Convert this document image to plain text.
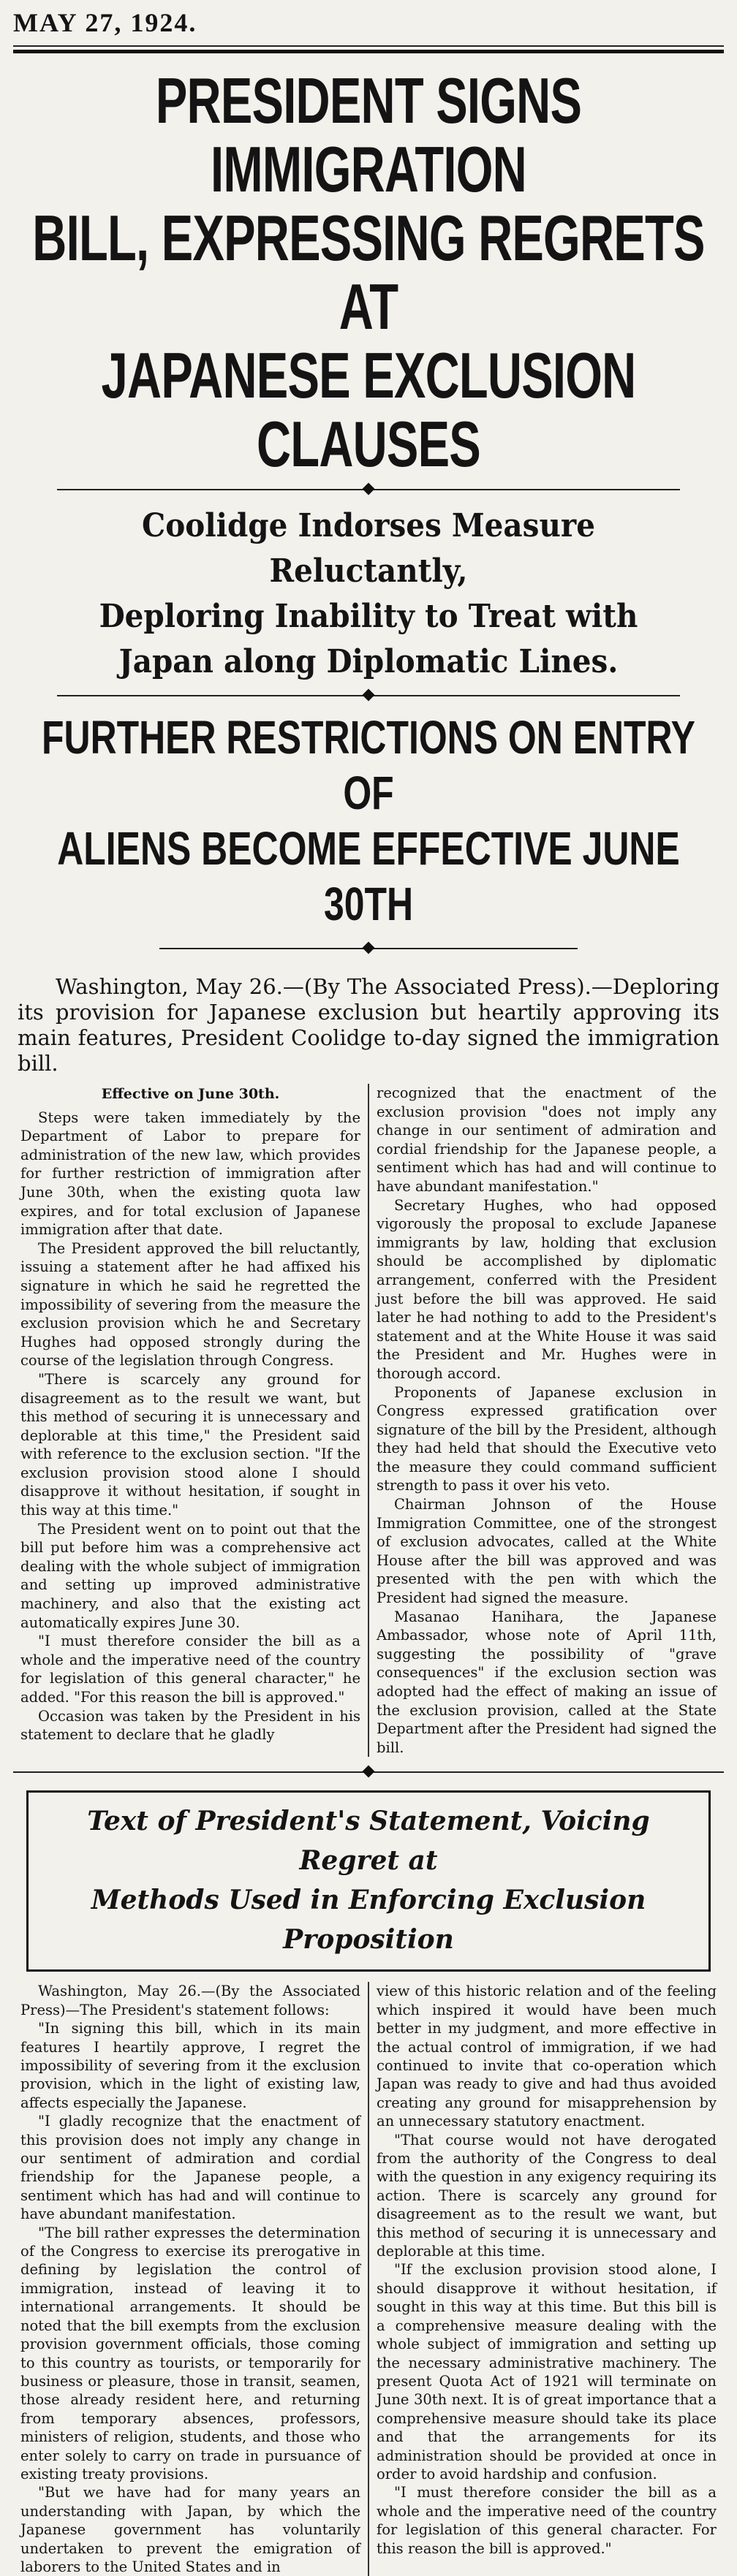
MAY 27, 1924.
PRESIDENT SIGNS IMMIGRATION
BILL, EXPRESSING REGRETS AT
JAPANESE EXCLUSION CLAUSES
Coolidge Indorses Measure Reluctantly,
Deploring Inability to Treat with
Japan along Diplomatic Lines.
FURTHER RESTRICTIONS ON ENTRY OF
ALIENS BECOME EFFECTIVE JUNE 30TH

Washington, May 26.—(By The Associated Press).—Deploring its provision for Japanese exclusion but heartily approving its main features, President Coolidge to-day signed the immigration bill.

Effective on June 30th.

Steps were taken immediately by the Department of Labor to prepare for administration of the new law, which provides for further restriction of immigration after June 30th, when the existing quota law expires, and for total exclusion of Japanese immigration after that date.

The President approved the bill reluctantly, issuing a statement after he had affixed his signature in which he said he regretted the impossibility of severing from the measure the exclusion provision which he and Secretary Hughes had opposed strongly during the course of the legislation through Congress.

"There is scarcely any ground for disagreement as to the result we want, but this method of securing it is unnecessary and deplorable at this time," the President said with reference to the exclusion section. "If the exclusion provision stood alone I should disapprove it without hesitation, if sought in this way at this time."

The President went on to point out that the bill put before him was a comprehensive act dealing with the whole subject of immigration and setting up improved administrative machinery, and also that the existing act automatically expires June 30.

"I must therefore consider the bill as a whole and the imperative need of the country for legislation of this general character," he added. "For this reason the bill is approved."

Occasion was taken by the President in his statement to declare that he gladly

recognized that the enactment of the exclusion provision "does not imply any change in our sentiment of admiration and cordial friendship for the Japanese people, a sentiment which has had and will continue to have abundant manifestation."

Secretary Hughes, who had opposed vigorously the proposal to exclude Japanese immigrants by law, holding that exclusion should be accomplished by diplomatic arrangement, conferred with the President just before the bill was approved. He said later he had nothing to add to the President's statement and at the White House it was said the President and Mr. Hughes were in thorough accord.

Proponents of Japanese exclusion in Congress expressed gratification over signature of the bill by the President, although they had held that should the Executive veto the measure they could command sufficient strength to pass it over his veto.

Chairman Johnson of the House Immigration Committee, one of the strongest of exclusion advocates, called at the White House after the bill was approved and was presented with the pen with which the President had signed the measure.

Masanao Hanihara, the Japanese Ambassador, whose note of April 11th, suggesting the possibility of "grave consequences" if the exclusion section was adopted had the effect of making an issue of the exclusion provision, called at the State Department after the President had signed the bill.

Text of President's Statement, Voicing Regret at
Methods Used in Enforcing Exclusion Proposition

Washington, May 26.—(By the Associated Press)—The President's statement follows:

"In signing this bill, which in its main features I heartily approve, I regret the impossibility of severing from it the exclusion provision, which in the light of existing law, affects especially the Japanese.

"I gladly recognize that the enactment of this provision does not imply any change in our sentiment of admiration and cordial friendship for the Japanese people, a sentiment which has had and will continue to have abundant manifestation.

"The bill rather expresses the determination of the Congress to exercise its prerogative in defining by legislation the control of immigration, instead of leaving it to international arrangements. It should be noted that the bill exempts from the exclusion provision government officials, those coming to this country as tourists, or temporarily for business or pleasure, those in transit, seamen, those already resident here, and returning from temporary absences, professors, ministers of religion, students, and those who enter solely to carry on trade in pursuance of existing treaty provisions.

"But we have had for many years an understanding with Japan, by which the Japanese government has voluntarily undertaken to prevent the emigration of laborers to the United States and in

view of this historic relation and of the feeling which inspired it would have been much better in my judgment, and more effective in the actual control of immigration, if we had continued to invite that co-operation which Japan was ready to give and had thus avoided creating any ground for misapprehension by an unnecessary statutory enactment.

"That course would not have derogated from the authority of the Congress to deal with the question in any exigency requiring its action. There is scarcely any ground for disagreement as to the result we want, but this method of securing it is unnecessary and deplorable at this time.

"If the exclusion provision stood alone, I should disapprove it without hesitation, if sought in this way at this time. But this bill is a comprehensive measure dealing with the whole subject of immigration and setting up the necessary administrative machinery. The present Quota Act of 1921 will terminate on June 30th next. It is of great importance that a comprehensive measure should take its place and that the arrangements for its administration should be provided at once in order to avoid hardship and confusion.

"I must therefore consider the bill as a whole and the imperative need of the country for legislation of this general character. For this reason the bill is approved."
